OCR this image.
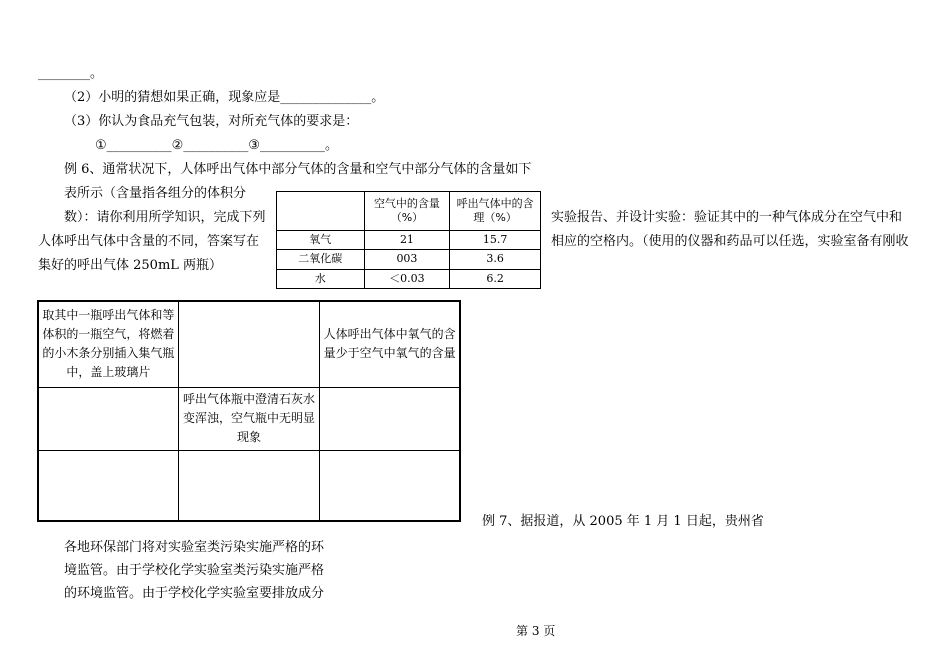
________。
（2）小明的猜想如果正确，现象应是______________。
（3）你认为食品充气包装，对所充气体的要求是：
①__________②__________③__________。
例 6、通常状况下，人体呼出气体中部分气体的含量和空气中部分气体的含量如下
表所示（含量指各组分的体积分
数）：请你利用所学知识，完成下列
人体呼出气体中含量的不同，答案写在
集好的呼出气体 250mL 两瓶）
实验报告、并设计实验：验证其中的一种气体成分在空气中和
相应的空格内。（使用的仪器和药品可以任选，实验室备有刚收
	空气中的含量（%）	呼出气体中的含理（%）
氧气	21	15.7
二氧化碳	003	3.6
水	＜0.03	6.2
取其中一瓶呼出气体和等体积的一瓶空气，将燃着的小木条分别插入集气瓶中，盖上玻璃片		人体呼出气体中氧气的含量少于空气中氧气的含量
	呼出气体瓶中澄清石灰水变浑浊，空气瓶中无明显现象	

例 7、据报道，从 2005 年 1 月 1 日起，贵州省
各地环保部门将对实验室类污染实施严格的环
境监管。由于学校化学实验室类污染实施严格
的环境监管。由于学校化学实验室要排放成分
第 3 页
